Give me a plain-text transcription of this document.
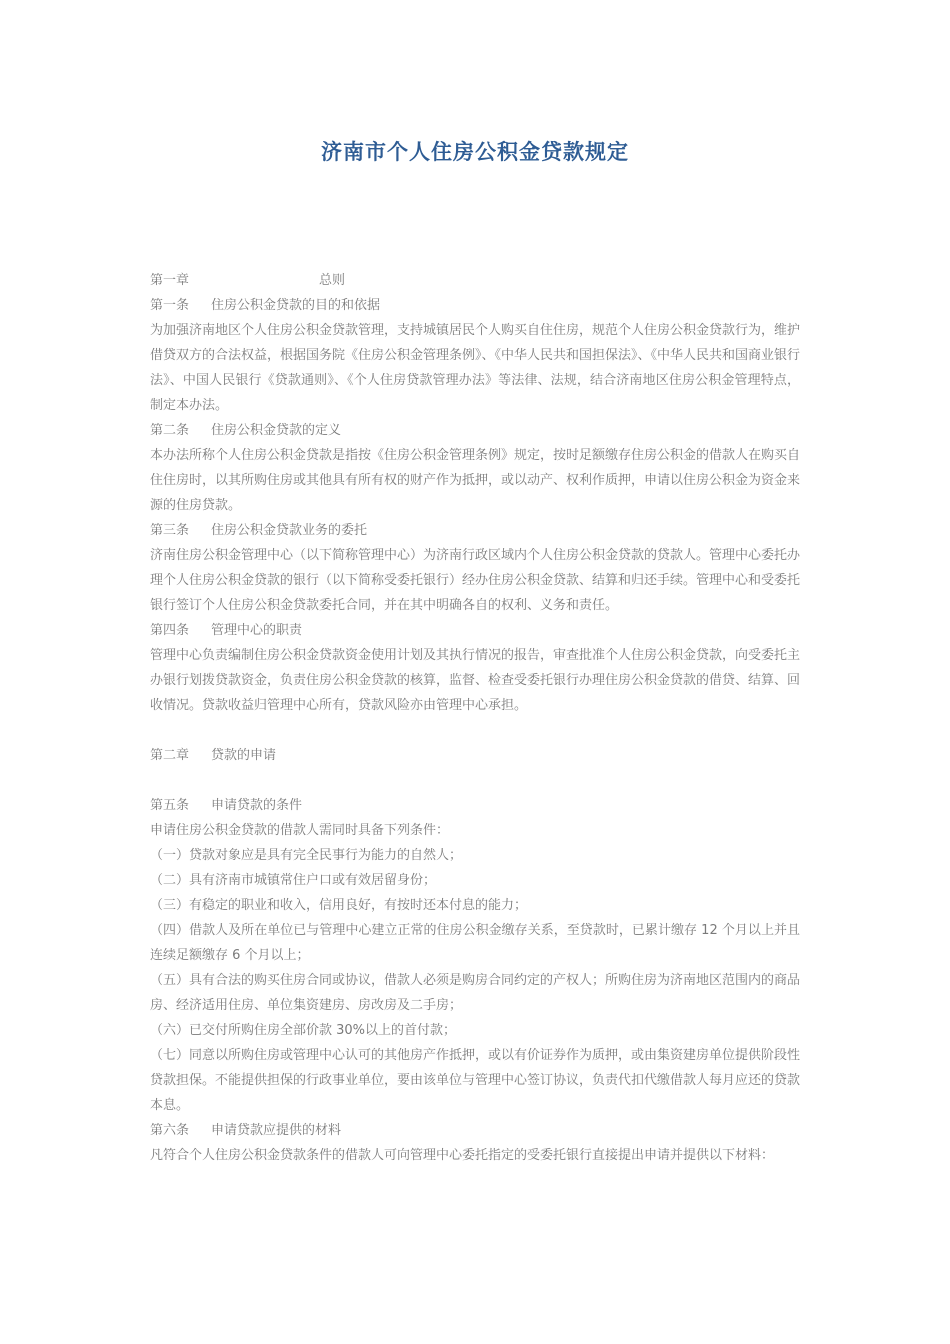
济南市个人住房公积金贷款规定
第一章	总则
第一条 住房公积金贷款的目的和依据
为加强济南地区个人住房公积金贷款管理，支持城镇居民个人购买自住住房，规范个人住房公积金贷款行为，维护借贷双方的合法权益，根据国务院《住房公积金管理条例》、《中华人民共和国担保法》、《中华人民共和国商业银行法》、中国人民银行《贷款通则》、《个人住房贷款管理办法》等法律、法规，结合济南地区住房公积金管理特点，制定本办法。
第二条 住房公积金贷款的定义
本办法所称个人住房公积金贷款是指按《住房公积金管理条例》规定，按时足额缴存住房公积金的借款人在购买自住住房时，以其所购住房或其他具有所有权的财产作为抵押，或以动产、权利作质押，申请以住房公积金为资金来源的住房贷款。
第三条 住房公积金贷款业务的委托
济南住房公积金管理中心（以下简称管理中心）为济南行政区域内个人住房公积金贷款的贷款人。管理中心委托办理个人住房公积金贷款的银行（以下简称受委托银行）经办住房公积金贷款、结算和归还手续。管理中心和受委托银行签订个人住房公积金贷款委托合同，并在其中明确各自的权利、义务和责任。
第四条 管理中心的职责
管理中心负责编制住房公积金贷款资金使用计划及其执行情况的报告，审查批准个人住房公积金贷款，向受委托主办银行划拨贷款资金，负责住房公积金贷款的核算，监督、检查受委托银行办理住房公积金贷款的借贷、结算、回收情况。贷款收益归管理中心所有，贷款风险亦由管理中心承担。
第二章 贷款的申请
第五条 申请贷款的条件
申请住房公积金贷款的借款人需同时具备下列条件：
（一）贷款对象应是具有完全民事行为能力的自然人；
（二）具有济南市城镇常住户口或有效居留身份；
（三）有稳定的职业和收入，信用良好，有按时还本付息的能力；
（四）借款人及所在单位已与管理中心建立正常的住房公积金缴存关系，至贷款时，已累计缴存 12 个月以上并且连续足额缴存 6 个月以上；
（五）具有合法的购买住房合同或协议，借款人必须是购房合同约定的产权人；所购住房为济南地区范围内的商品房、经济适用住房、单位集资建房、房改房及二手房；
（六）已交付所购住房全部价款 30%以上的首付款；
（七）同意以所购住房或管理中心认可的其他房产作抵押，或以有价证券作为质押，或由集资建房单位提供阶段性贷款担保。不能提供担保的行政事业单位，要由该单位与管理中心签订协议，负责代扣代缴借款人每月应还的贷款本息。
第六条 申请贷款应提供的材料
凡符合个人住房公积金贷款条件的借款人可向管理中心委托指定的受委托银行直接提出申请并提供以下材料：
